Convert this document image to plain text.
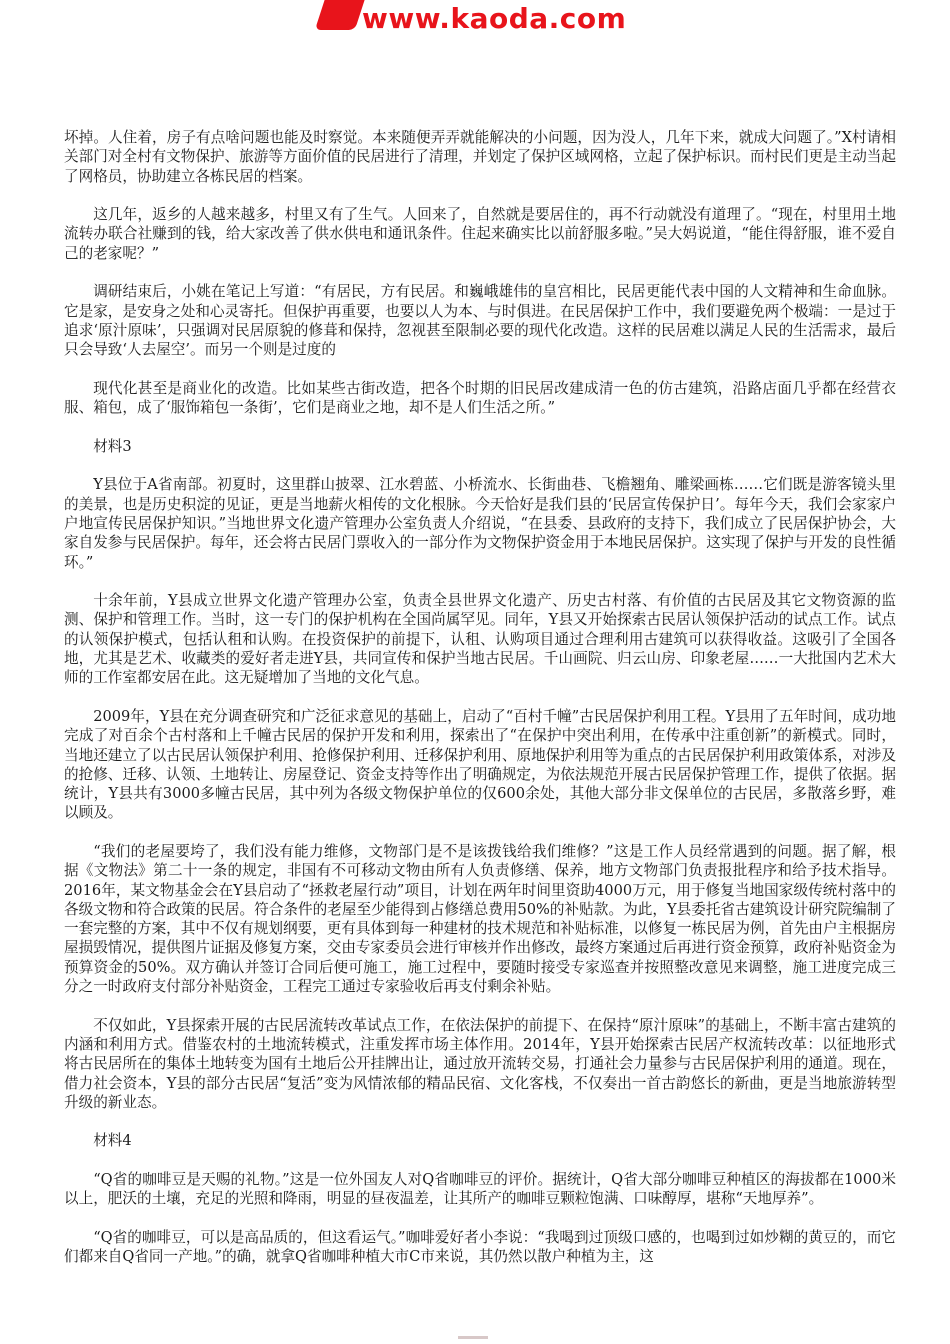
www.kaoda.com

坏掉。人住着，房子有点啥问题也能及时察觉。本来随便弄弄就能解决的小问题，因为没人，几年下来，就成大问题了。”X村请相关部门对全村有文物保护、旅游等方面价值的民居进行了清理，并划定了保护区域网格，立起了保护标识。而村民们更是主动当起了网格员，协助建立各栋民居的档案。

这几年，返乡的人越来越多，村里又有了生气。人回来了，自然就是要居住的，再不行动就没有道理了。“现在，村里用土地流转办联合社赚到的钱，给大家改善了供水供电和通讯条件。住起来确实比以前舒服多啦。”吴大妈说道，“能住得舒服，谁不爱自己的老家呢？”

调研结束后，小姚在笔记上写道：“有居民，方有民居。和巍峨雄伟的皇宫相比，民居更能代表中国的人文精神和生命血脉。它是家，是安身之处和心灵寄托。但保护再重要，也要以人为本、与时俱进。在民居保护工作中，我们要避免两个极端：一是过于追求‘原汁原味’，只强调对民居原貌的修葺和保持，忽视甚至限制必要的现代化改造。这样的民居难以满足人民的生活需求，最后只会导致‘人去屋空’。而另一个则是过度的

现代化甚至是商业化的改造。比如某些古街改造，把各个时期的旧民居改建成清一色的仿古建筑，沿路店面几乎都在经营衣服、箱包，成了‘服饰箱包一条街’，它们是商业之地，却不是人们生活之所。”

材料3

Y县位于A省南部。初夏时，这里群山披翠、江水碧蓝、小桥流水、长街曲巷、飞檐翘角、雕梁画栋……它们既是游客镜头里的美景，也是历史积淀的见证，更是当地薪火相传的文化根脉。今天恰好是我们县的‘民居宣传保护日’。每年今天，我们会家家户户地宣传民居保护知识。”当地世界文化遗产管理办公室负责人介绍说，“在县委、县政府的支持下，我们成立了民居保护协会，大家自发参与民居保护。每年，还会将古民居门票收入的一部分作为文物保护资金用于本地民居保护。这实现了保护与开发的良性循环。”

十余年前，Y县成立世界文化遗产管理办公室，负责全县世界文化遗产、历史古村落、有价值的古民居及其它文物资源的监测、保护和管理工作。当时，这一专门的保护机构在全国尚属罕见。同年，Y县又开始探索古民居认领保护活动的试点工作。试点的认领保护模式，包括认租和认购。在投资保护的前提下，认租、认购项目通过合理利用古建筑可以获得收益。这吸引了全国各地，尤其是艺术、收藏类的爱好者走进Y县，共同宣传和保护当地古民居。千山画院、归云山房、印象老屋……一大批国内艺术大师的工作室都安居在此。这无疑增加了当地的文化气息。

2009年，Y县在充分调查研究和广泛征求意见的基础上，启动了“百村千幢”古民居保护利用工程。Y县用了五年时间，成功地完成了对百余个古村落和上千幢古民居的保护开发和利用，探索出了“在保护中突出利用，在传承中注重创新”的新模式。同时，当地还建立了以古民居认领保护利用、抢修保护利用、迁移保护利用、原地保护利用等为重点的古民居保护利用政策体系，对涉及的抢修、迁移、认领、土地转让、房屋登记、资金支持等作出了明确规定，为依法规范开展古民居保护管理工作，提供了依据。据统计，Y县共有3000多幢古民居，其中列为各级文物保护单位的仅600余处，其他大部分非文保单位的古民居，多散落乡野，难以顾及。

“我们的老屋要垮了，我们没有能力维修，文物部门是不是该拨钱给我们维修？”这是工作人员经常遇到的问题。据了解，根据《文物法》第二十一条的规定，非国有不可移动文物由所有人负责修缮、保养，地方文物部门负责报批程序和给予技术指导。2016年，某文物基金会在Y县启动了“拯救老屋行动”项目，计划在两年时间里资助4000万元，用于修复当地国家级传统村落中的各级文物和符合政策的民居。符合条件的老屋至少能得到占修缮总费用50%的补贴款。为此，Y县委托省古建筑设计研究院编制了一套完整的方案，其中不仅有规划纲要，更有具体到每一种建材的技术规范和补贴标准，以修复一栋民居为例，首先由户主根据房屋损毁情况，提供图片证据及修复方案，交由专家委员会进行审核并作出修改，最终方案通过后再进行资金预算，政府补贴资金为预算资金的50%。双方确认并签订合同后便可施工，施工过程中，要随时接受专家巡查并按照整改意见来调整，施工进度完成三分之一时政府支付部分补贴资金，工程完工通过专家验收后再支付剩余补贴。

不仅如此，Y县探索开展的古民居流转改革试点工作，在依法保护的前提下、在保持“原汁原味”的基础上，不断丰富古建筑的内涵和利用方式。借鉴农村的土地流转模式，注重发挥市场主体作用。2014年，Y县开始探索古民居产权流转改革：以征地形式将古民居所在的集体土地转变为国有土地后公开挂牌出让，通过放开流转交易，打通社会力量参与古民居保护利用的通道。现在，借力社会资本，Y县的部分古民居“复活”变为风情浓郁的精品民宿、文化客栈，不仅奏出一首古韵悠长的新曲，更是当地旅游转型升级的新业态。

材料4

“Q省的咖啡豆是天赐的礼物。”这是一位外国友人对Q省咖啡豆的评价。据统计，Q省大部分咖啡豆种植区的海拔都在1000米以上，肥沃的土壤，充足的光照和降雨，明显的昼夜温差，让其所产的咖啡豆颗粒饱满、口味醇厚，堪称“天地厚养”。

“Q省的咖啡豆，可以是高品质的，但这看运气。”咖啡爱好者小李说：“我喝到过顶级口感的，也喝到过如炒糊的黄豆的，而它们都来自Q省同一产地。”的确，就拿Q省咖啡种植大市C市来说，其仍然以散户种植为主，这
